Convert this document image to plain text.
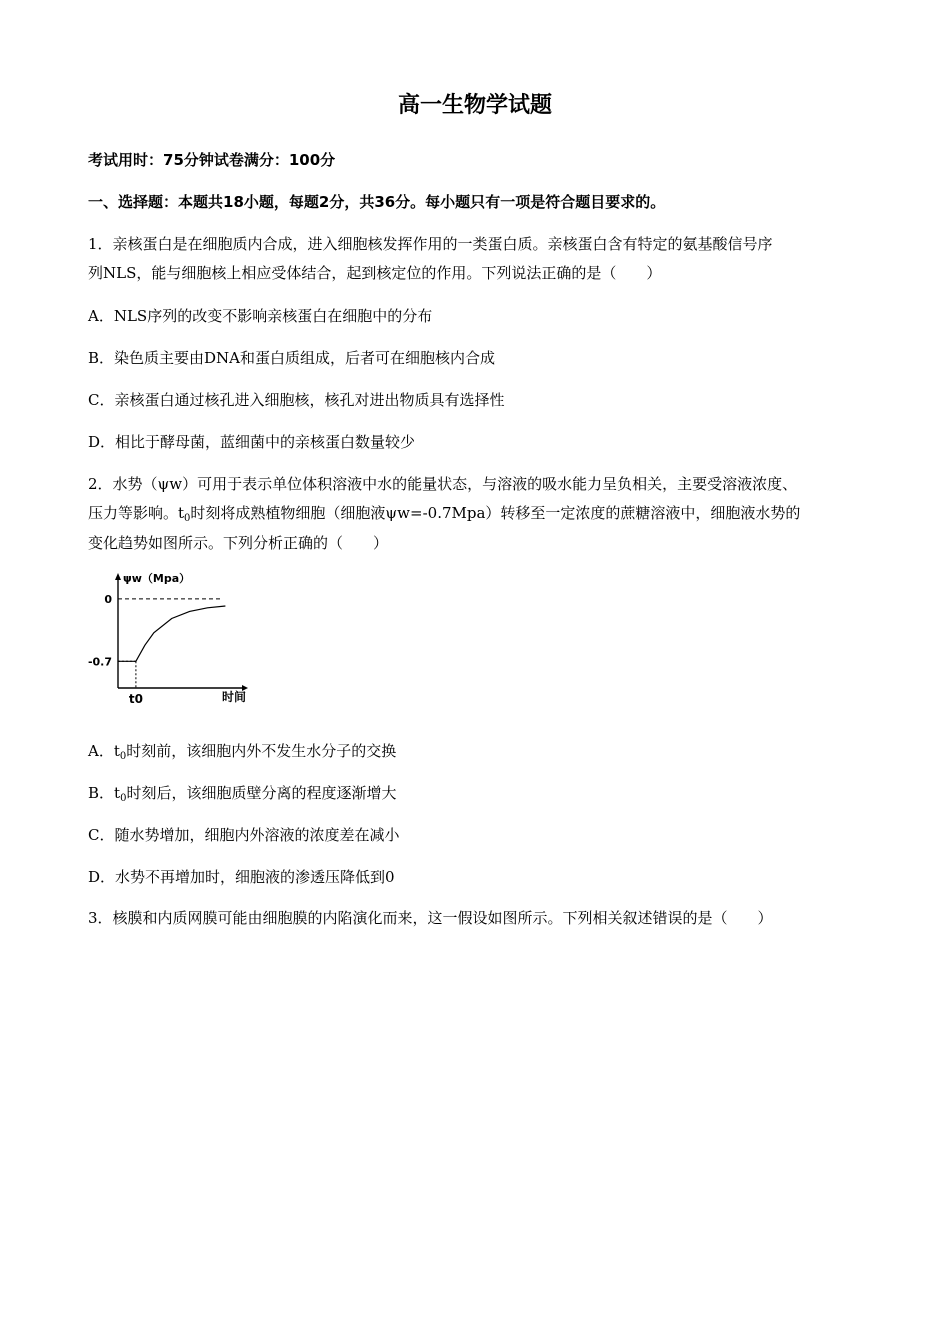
高一生物学试题
考试用时：75分钟试卷满分：100分
一、选择题：本题共18小题，每题2分，共36分。每小题只有一项是符合题目要求的。
1．亲核蛋白是在细胞质内合成，进入细胞核发挥作用的一类蛋白质。亲核蛋白含有特定的氨基酸信号序
列NLS，能与细胞核上相应受体结合，起到核定位的作用。下列说法正确的是（　　）
A．NLS序列的改变不影响亲核蛋白在细胞中的分布
B．染色质主要由DNA和蛋白质组成，后者可在细胞核内合成
C．亲核蛋白通过核孔进入细胞核，核孔对进出物质具有选择性
D．相比于酵母菌，蓝细菌中的亲核蛋白数量较少
2．水势（ψw）可用于表示单位体积溶液中水的能量状态，与溶液的吸水能力呈负相关，主要受溶液浓度、
压力等影响。$t_0$时刻将成熟植物细胞（细胞液ψw=-0.7Mpa）转移至一定浓度的蔗糖溶液中，细胞液水势的
变化趋势如图所示。下列分析正确的（　　）
ψw（Mpa）
0
-0.7
t0	时间
A．$t_0$时刻前，该细胞内外不发生水分子的交换
B．$t_0$时刻后，该细胞质壁分离的程度逐渐增大
C．随水势增加，细胞内外溶液的浓度差在减小
D．水势不再增加时，细胞液的渗透压降低到0
3．核膜和内质网膜可能由细胞膜的内陷演化而来，这一假设如图所示。下列相关叙述错误的是（　　）
